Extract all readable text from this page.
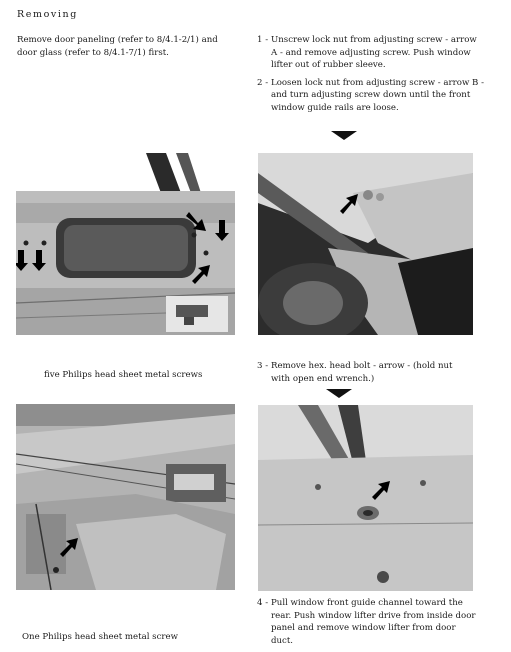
Removing
Remove door paneling (refer to 8/4.1-2/1) and
door glass (refer to 8/4.1-7/1) first.
1 - Unscrew lock nut from adjusting screw - arrow
A - and remove adjusting screw. Push window
lifter out of rubber sleeve.
2 - Loosen lock nut from adjusting screw - arrow B -
and turn adjusting screw down until the front
window guide rails are loose.
five Philips head sheet metal screws
3 - Remove hex. head bolt - arrow - (hold nut
with open end wrench.)
4 - Pull window front guide channel toward the
rear. Push window lifter drive from inside door
panel and remove window lifter from door
duct.
One Philips head sheet metal screw
